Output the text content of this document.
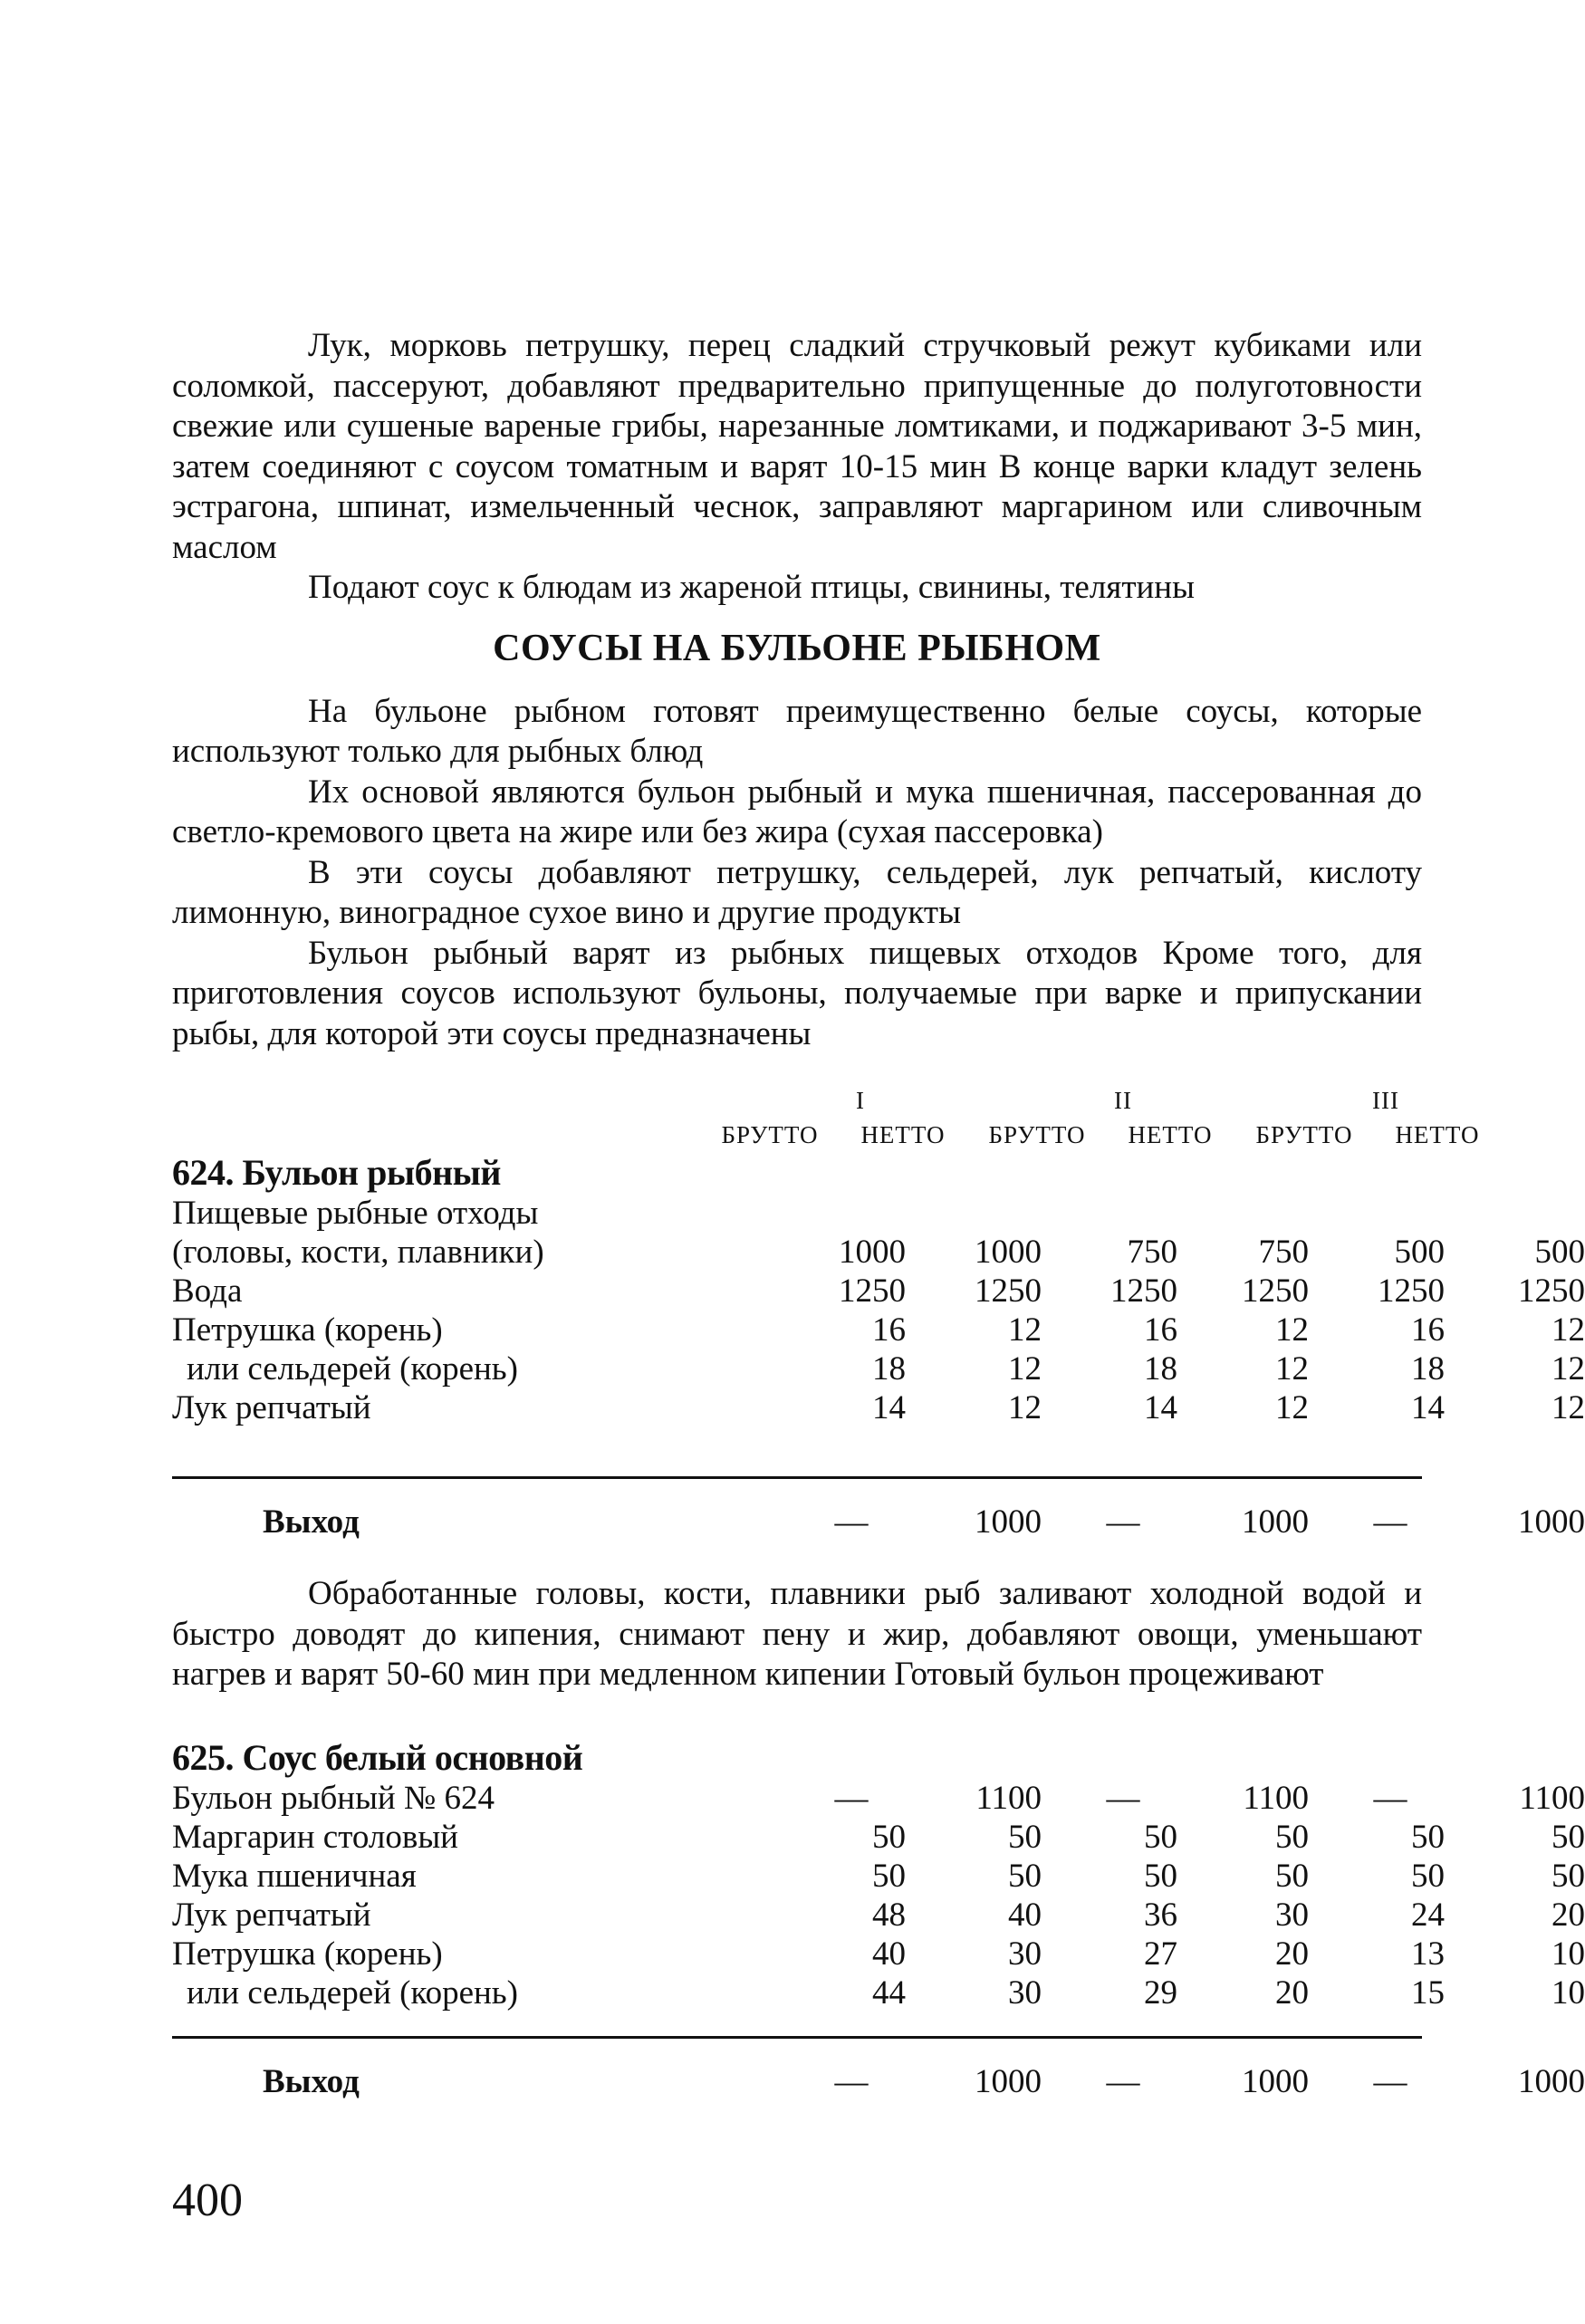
Лук, морковь петрушку, перец сладкий стручковый режут кубиками или соломкой, пассеруют, добавляют предварительно припущенные до полуготовности свежие или сушеные вареные грибы, нарезанные ломтиками, и поджаривают 3-5 мин, затем соединяют с соусом томатным и варят 10-15 мин В конце варки кладут зелень эстрагона, шпинат, измельченный чеснок, заправляют маргарином или сливочным маслом

Подают соус к блюдам из жареной птицы, свинины, телятины

СОУСЫ НА БУЛЬОНЕ РЫБНОМ

На бульоне рыбном готовят преимущественно белые соусы, которые используют только для рыбных блюд

Их основой являются бульон рыбный и мука пшеничная, пассерованная до светло-кремового цвета на жире или без жира (сухая пассеровка)

В эти соусы добавляют петрушку, сельдерей, лук репчатый, кислоту лимонную, виноградное сухое вино и другие продукты

Бульон рыбный варят из рыбных пищевых отходов Кроме того, для приготовления соусов используют бульоны, получаемые при варке и припускании рыбы, для которой эти соусы предназначены

I	II	III
БРУТТО	НЕТТО	БРУТТО	НЕТТО	БРУТТО	НЕТТО
624. Бульон рыбный
Пищевые рыбные отходы
(головы, кости, плавники)	1000	1000	750	750	500	500
Вода	1250	1250	1250	1250	1250	1250
Петрушка (корень)	16	12	16	12	16	12
или сельдерей (корень)	18	12	18	12	18	12
Лук репчатый	14	12	14	12	14	12
Выход	—	1000	—	1000	—	1000

Обработанные головы, кости, плавники рыб заливают холодной водой и быстро доводят до кипения, снимают пену и жир, добавляют овощи, уменьшают нагрев и варят 50-60 мин при медленном кипении Готовый бульон процеживают

625. Соус белый основной
Бульон рыбный № 624	—	1100	—	1100	—	1100
Маргарин столовый	50	50	50	50	50	50
Мука пшеничная	50	50	50	50	50	50
Лук репчатый	48	40	36	30	24	20
Петрушка (корень)	40	30	27	20	13	10
или сельдерей (корень)	44	30	29	20	15	10
Выход	—	1000	—	1000	—	1000
400
